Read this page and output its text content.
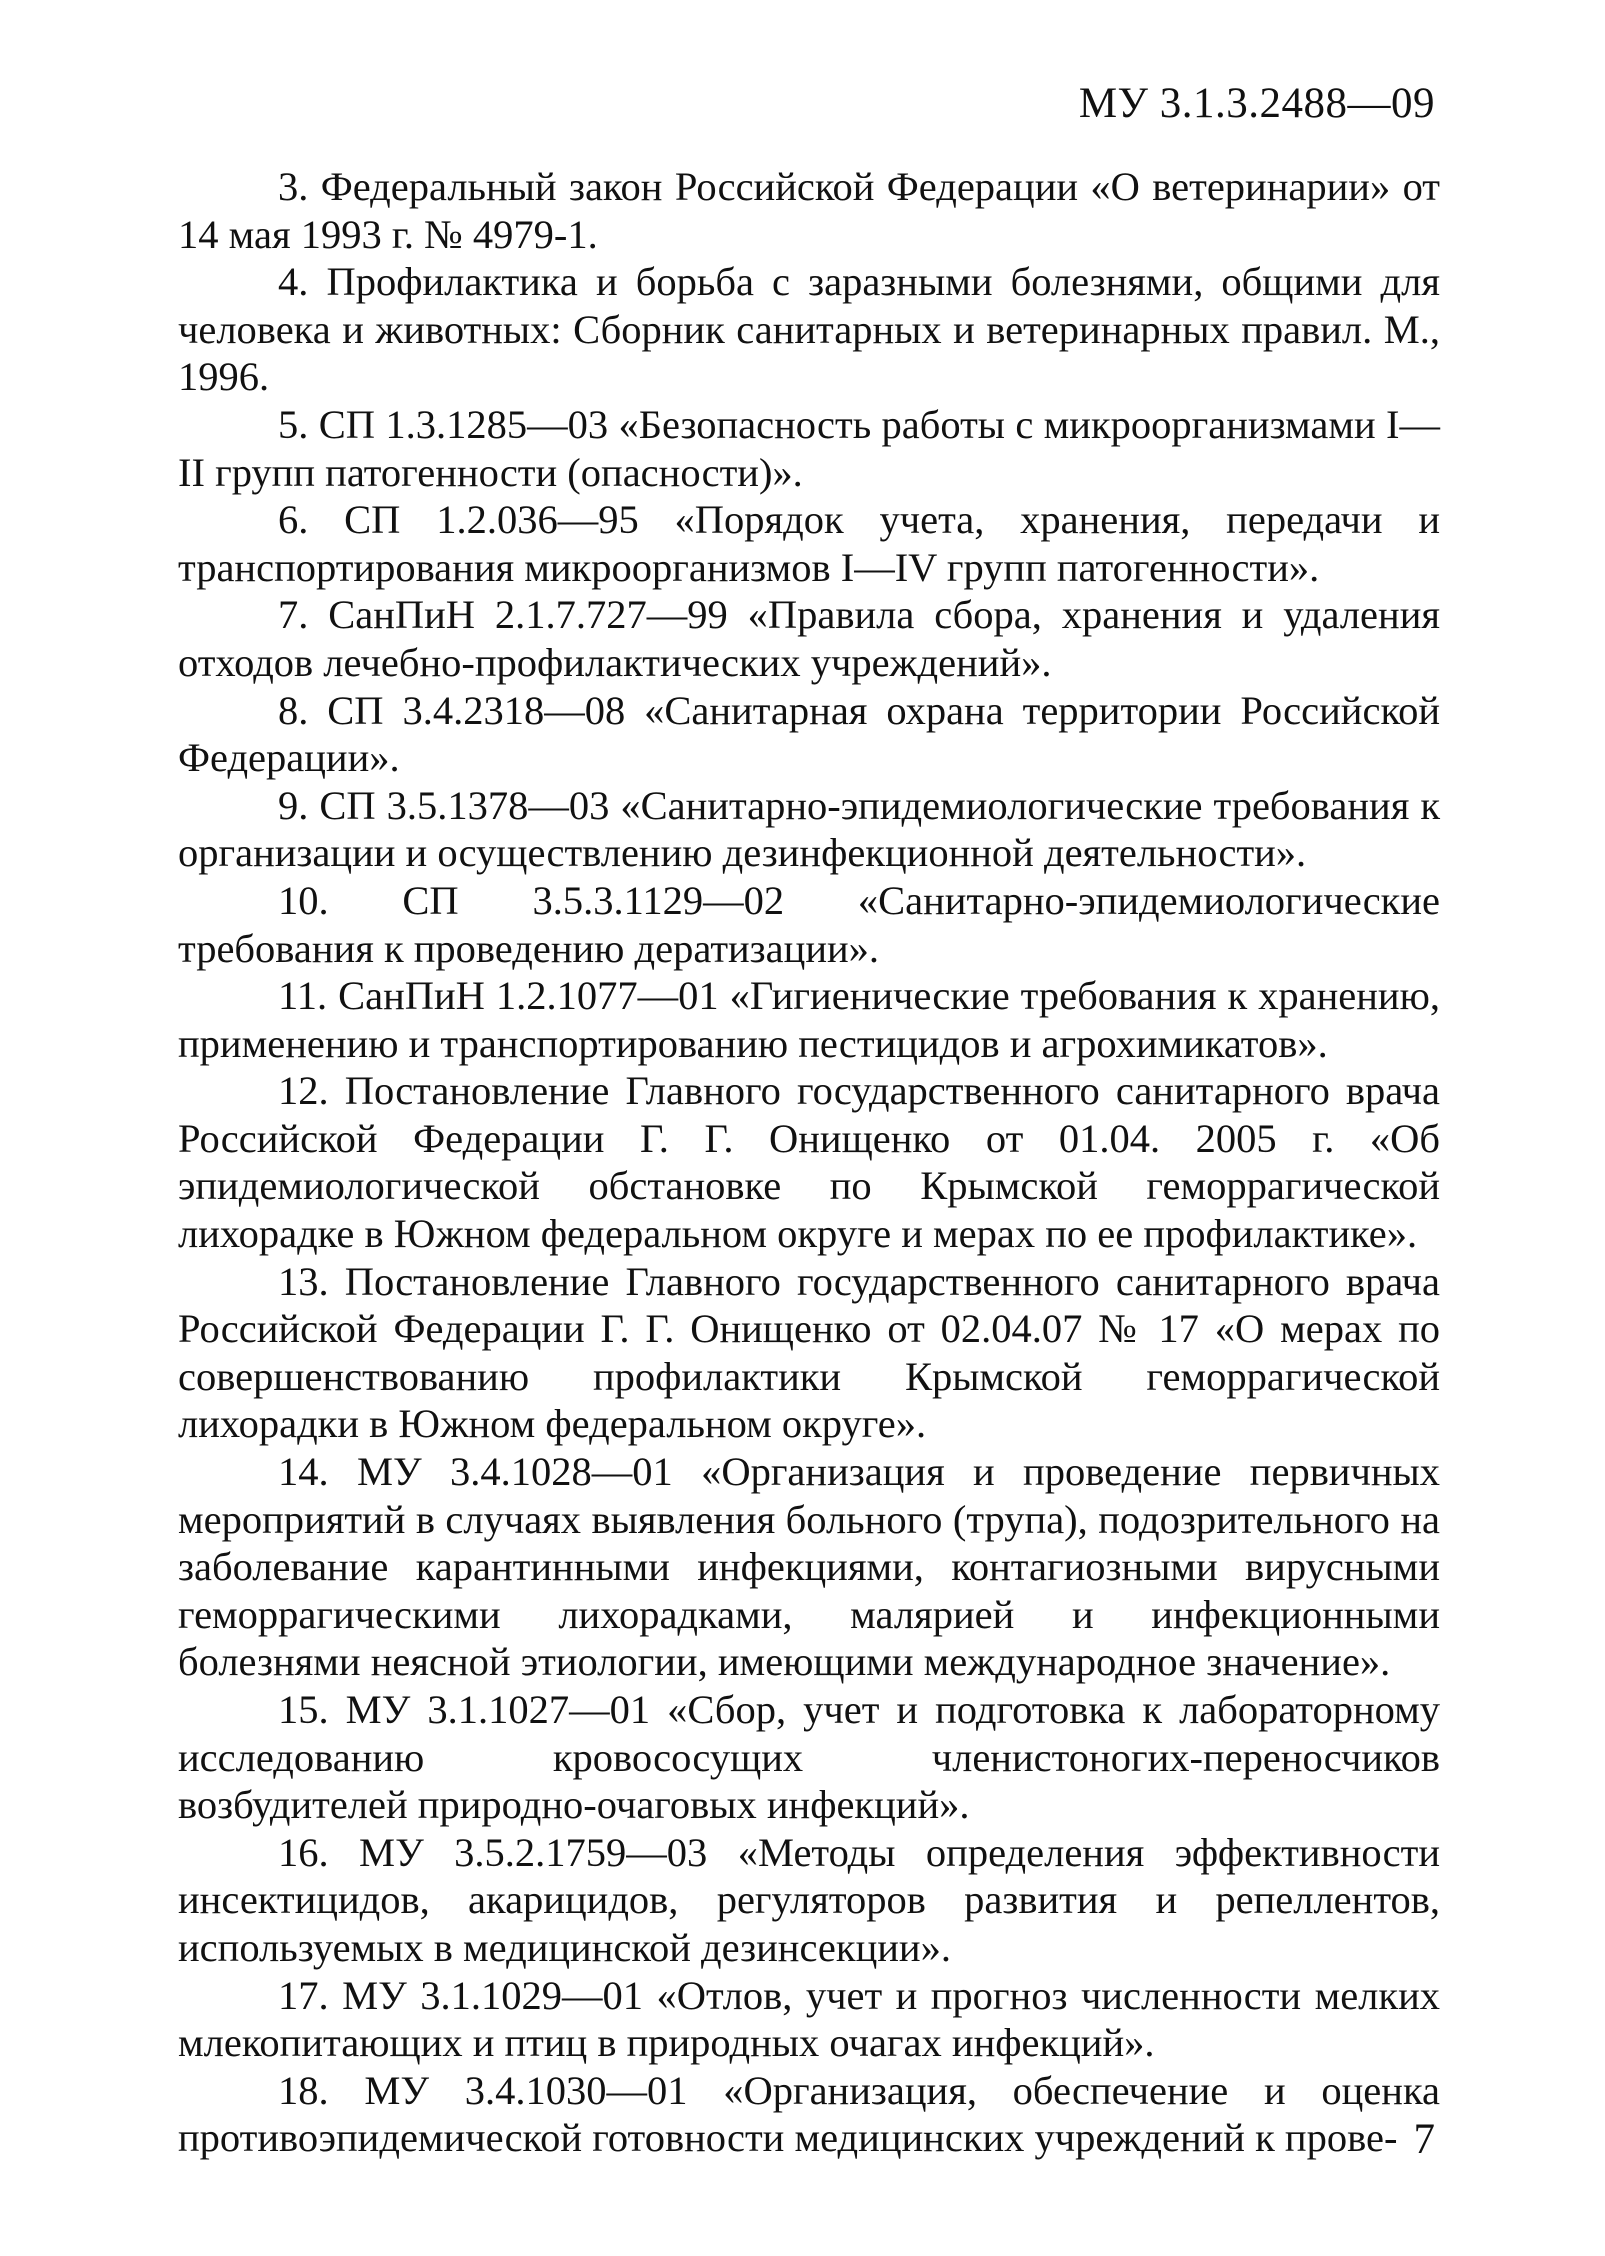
МУ 3.1.3.2488—09
3. Федеральный закон Российской Федерации «О ветеринарии» от 14 мая 1993 г. № 4979-1.
4. Профилактика и борьба с заразными болезнями, общими для человека и животных: Сборник санитарных и ветеринарных правил. М., 1996.
5. СП 1.3.1285—03 «Безопасность работы с микроорганизмами I—II групп патогенности (опасности)».
6. СП 1.2.036—95 «Порядок учета, хранения, передачи и транспортирования микроорганизмов I—IV групп патогенности».
7. СанПиН 2.1.7.727—99 «Правила сбора, хранения и удаления отходов лечебно-профилактических учреждений».
8. СП 3.4.2318—08 «Санитарная охрана территории Российской Федерации».
9. СП 3.5.1378—03 «Санитарно-эпидемиологические требования к организации и осуществлению дезинфекционной деятельности».
10. СП 3.5.3.1129—02 «Санитарно-эпидемиологические требования к проведению дератизации».
11. СанПиН 1.2.1077—01 «Гигиенические требования к хранению, применению и транспортированию пестицидов и агрохимикатов».
12. Постановление Главного государственного санитарного врача Российской Федерации Г. Г. Онищенко от 01.04. 2005 г. «Об эпидемиологической обстановке по Крымской геморрагической лихорадке в Южном федеральном округе и мерах по ее профилактике».
13. Постановление Главного государственного санитарного врача Российской Федерации Г. Г. Онищенко от 02.04.07 № 17 «О мерах по совершенствованию профилактики Крымской геморрагической лихорадки в Южном федеральном округе».
14. МУ 3.4.1028—01 «Организация и проведение первичных мероприятий в случаях выявления больного (трупа), подозрительного на заболевание карантинными инфекциями, контагиозными вирусными геморрагическими лихорадками, малярией и инфекционными болезнями неясной этиологии, имеющими международное значение».
15. МУ 3.1.1027—01 «Сбор, учет и подготовка к лабораторному исследованию кровососущих членистоногих-переносчиков возбудителей природно-очаговых инфекций».
16. МУ 3.5.2.1759—03 «Методы определения эффективности инсектицидов, акарицидов, регуляторов развития и репеллентов, используемых в медицинской дезинсекции».
17. МУ 3.1.1029—01 «Отлов, учет и прогноз численности мелких млекопитающих и птиц в природных очагах инфекций».
18. МУ 3.4.1030—01 «Организация, обеспечение и оценка противоэпидемической готовности медицинских учреждений к прове- 7
